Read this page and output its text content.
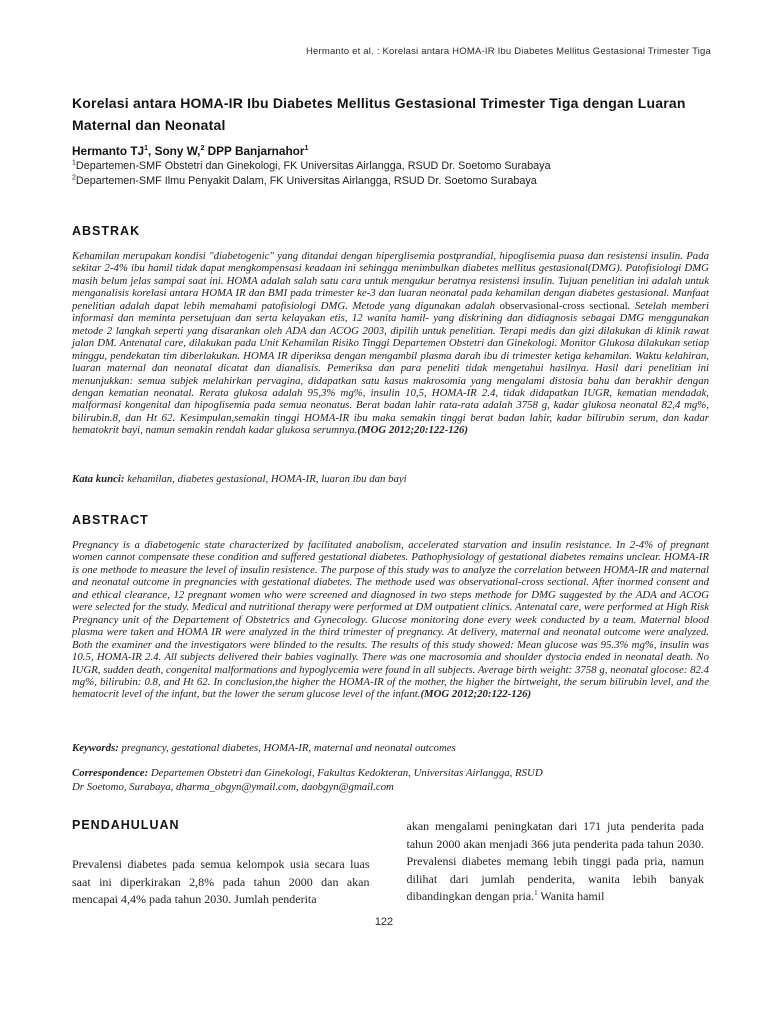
Hermanto et al. : Korelasi antara HOMA-IR Ibu Diabetes Mellitus Gestasional Trimester Tiga
Korelasi antara HOMA-IR Ibu Diabetes Mellitus Gestasional Trimester Tiga dengan Luaran Maternal dan Neonatal
Hermanto $TJ^1$, Sony W,$^2$ DPP Banjarnahor$^1$
$^1$Departemen-SMF Obstetri dan Ginekologi, FK Universitas Airlangga, RSUD Dr. Soetomo Surabaya
$^2$Departemen-SMF Ilmu Penyakit Dalam, FK Universitas Airlangga, RSUD Dr. Soetomo Surabaya
ABSTRAK
Kehamilan merupakan kondisi "diabetogenic" yang ditandai dengan hiperglisemia postprandial, hipoglisemia puasa dan resistensi insulin. Pada sekitar 2-4% ibu hamil tidak dapat mengkompensasi keadaan ini sehingga menimbulkan diabetes mellitus gestasional(DMG). Patofisiologi DMG masih belum jelas sampai saat ini. HOMA adalah salah satu cara untuk mengukur beratnya resistensi insulin. Tujuan penelitian ini adalah untuk menganalisis korelasi antara HOMA IR dan BMI pada trimester ke-3 dan luaran neonatal pada kehamilan dengan diabetes gestasional. Manfaat penelitian adalah dapat lebih memahami patofisiologi DMG. Metode yang digunakan adalah observasional-cross sectional. Setelah memberi informasi dan meminta persetujuan dan serta kelayakan etis, 12 wanita hamil- yang diskrining dan didiagnosis sebagai DMG menggunakan metode 2 langkah seperti yang disarankan oleh ADA dan ACOG 2003, dipilih untuk penelitian. Terapi medis dan gizi dilakukan di klinik rawat jalan DM. Antenatal care, dilakukan pada Unit Kehamilan Risiko Tinggi Departemen Obstetri dan Ginekologi. Monitor Glukosa dilakukan setiap minggu, pendekatan tim diberlakukan. HOMA IR diperiksa dengan mengambil plasma darah ibu di trimester ketiga kehamilan. Waktu kelahiran, luaran maternal dan neonatal dicatat dan dianalisis. Pemeriksa dan para peneliti tidak mengetahui hasilnya. Hasil dari penelitian ini menunjukkan: semua subjek melahirkan pervagina, didapatkan satu kasus makrosomia yang mengalami distosia bahu dan berakhir dengan dengan kematian neonatal. Rerata glukosa adalah 95,3% mg%, insulin 10,5, HOMA-IR 2.4, tidak didapatkan IUGR, kematian mendadak, malformasi kongenital dan hipoglisemia pada semua neonatus. Berat badan lahir rata-rata adalah 3758 g, kadar glukosa neonatal 82,4 mg%, bilirubin.8, dan Ht 62. Kesimpulan,semakin tinggi HOMA-IR ibu maka semakin tinggi berat badan lahir, kadar bilirubin serum, dan kadar hematokrit bayi, namun semakin rendah kadar glukosa serumnya.(MOG 2012;20:122-126)
Kata kunci: kehamilan, diabetes gestasional, HOMA-IR, luaran ibu dan bayi
ABSTRACT
Pregnancy is a diabetogenic state characterized by facilitated anabolism, accelerated starvation and insulin resistance. In 2-4% of pregnant women cannot compensate these condition and suffered gestational diabetes. Pathophysiology of gestational diabetes remains unclear. HOMA-IR is one methode to measure the level of insulin resistence. The purpose of this study was to analyze the correlation between HOMA-IR and maternal and neonatal outcome in pregnancies with gestational diabetes. The methode used was observational-cross sectional. After inormed consent and and ethical clearance, 12 pregnant women who were screened and diagnosed in two steps methode for DMG suggested by the ADA and ACOG were selected for the study. Medical and nutritional therapy were performed at DM outpatient clinics. Antenatal care, were performed at High Risk Pregnancy unit of the Departement of Obstetrics and Gynecology. Glucose monitoring done every week conducted by a team. Maternal blood plasma were taken and HOMA IR were analyzed in the third trimester of pregnancy. At delivery, maternal and neonatal outcome were analyzed. Both the examiner and the investigators were blinded to the results. The results of this study showed: Mean glucose was 95.3% mg%, insulin was 10.5, HOMA-IR 2.4. All subjects delivered their babies vaginally. There was one macrosomia and shoulder dystocia ended in neonatal death. No IUGR, sudden death, congenital malformations and hypoglycemia were found in all subjects. Average birth weight: 3758 g, neonatal glocose: 82.4 mg%, bilirubin: 0.8, and Ht 62. In conclusion,the higher the HOMA-IR of the mother, the higher the birtweight, the serum bilirubin level, and the hematocrit level of the infant, but the lower the serum glucose level of the infant.(MOG 2012;20:122-126)
Keywords: pregnancy, gestational diabetes, HOMA-IR, maternal and neonatal outcomes
Correspondence: Departemen Obstetri dan Ginekologi, Fakultas Kedokteran, Universitas Airlangga, RSUD
Dr Soetomo, Surabaya, dharma_obgyn@ymail.com, daobgyn@gmail.com
PENDAHULUAN

Prevalensi diabetes pada semua kelompok usia secara luas saat ini diperkirakan 2,8% pada tahun 2000 dan akan mencapai 4,4% pada tahun 2030. Jumlah penderita

akan mengalami peningkatan dari 171 juta penderita pada tahun 2000 akan menjadi 366 juta penderita pada tahun 2030. Prevalensi diabetes memang lebih tinggi pada pria, namun dilihat dari jumlah penderita, wanita lebih banyak dibandingkan dengan pria.$^1$ Wanita hamil

122
